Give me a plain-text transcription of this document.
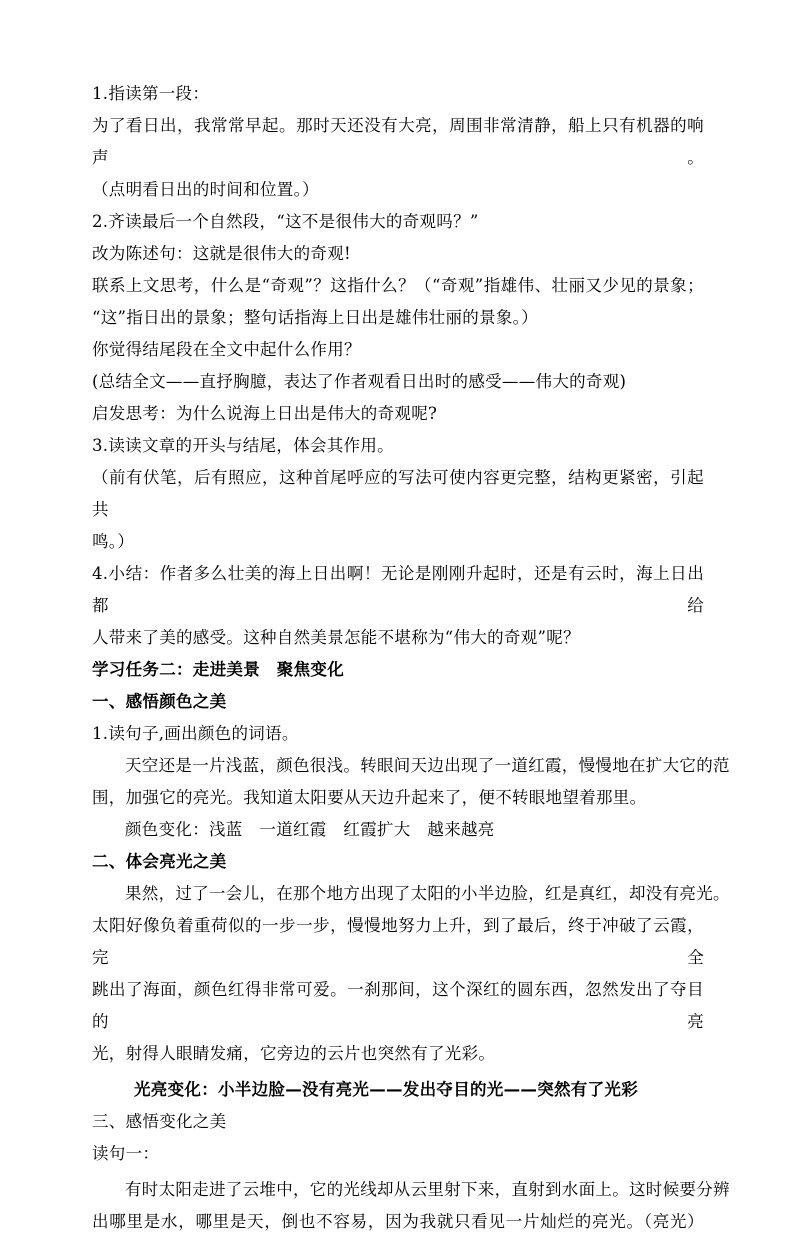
1.指读第一段：
为了看日出，我常常早起。那时天还没有大亮，周围非常清静，船上只有机器的响声。
（点明看日出的时间和位置。）
2.齐读最后一个自然段，“这不是很伟大的奇观吗？”
改为陈述句：这就是很伟大的奇观!
联系上文思考，什么是“奇观”？这指什么？（“奇观”指雄伟、壮丽又少见的景象；
“这”指日出的景象；整句话指海上日出是雄伟壮丽的景象。）
你觉得结尾段在全文中起什么作用？
(总结全文——直抒胸臆，表达了作者观看日出时的感受——伟大的奇观)
启发思考：为什么说海上日出是伟大的奇观呢?
3.读读文章的开头与结尾，体会其作用。
（前有伏笔，后有照应，这种首尾呼应的写法可使内容更完整，结构更紧密，引起共
鸣。）
4.小结：作者多么壮美的海上日出啊！无论是刚刚升起时，还是有云时，海上日出都给
人带来了美的感受。这种自然美景怎能不堪称为“伟大的奇观”呢？
学习任务二：走进美景　聚焦变化
一、感悟颜色之美
1.读句子,画出颜色的词语。
天空还是一片浅蓝，颜色很浅。转眼间天边出现了一道红霞，慢慢地在扩大它的范
围，加强它的亮光。我知道太阳要从天边升起来了，便不转眼地望着那里。
颜色变化：浅蓝　一道红霞　红霞扩大　越来越亮
二、体会亮光之美
果然，过了一会儿，在那个地方出现了太阳的小半边脸，红是真红，却没有亮光。
太阳好像负着重荷似的一步一步，慢慢地努力上升，到了最后，终于冲破了云霞，完全
跳出了海面，颜色红得非常可爱。一刹那间，这个深红的圆东西，忽然发出了夺目的亮
光，射得人眼睛发痛，它旁边的云片也突然有了光彩。
光亮变化：小半边脸—没有亮光——发出夺目的光——突然有了光彩
三、感悟变化之美
读句一：
有时太阳走进了云堆中，它的光线却从云里射下来，直射到水面上。这时候要分辨
出哪里是水，哪里是天，倒也不容易，因为我就只看见一片灿烂的亮光。（亮光）
